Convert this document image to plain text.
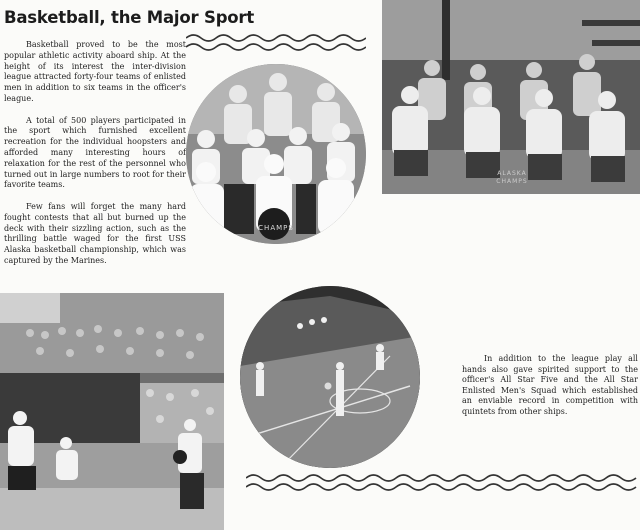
Basketball, the Major Sport

Basketball proved to be the most popular athletic activity aboard ship. At the height of its interest the inter-division league attracted forty-four teams of enlisted men in addition to six teams in the officer's league.

A total of 500 players participated in the sport which furnished excellent recreation for the individual hoopsters and afforded many interesting hours of relaxation for the rest of the personnel who turned out in large numbers to root for their favorite teams.

Few fans will forget the many hard fought contests that all but burned up the deck with their sizzling action, such as the thrilling battle waged for the first USS Alaska basketball championship, which was captured by the Marines.

CHAMPS
ALASKA CHAMPS

In addition to the league play all hands also gave spirited support to the officer's All Star Five and the All Star Enlisted Men's Squad which established an enviable record in competition with quintets from other ships.
